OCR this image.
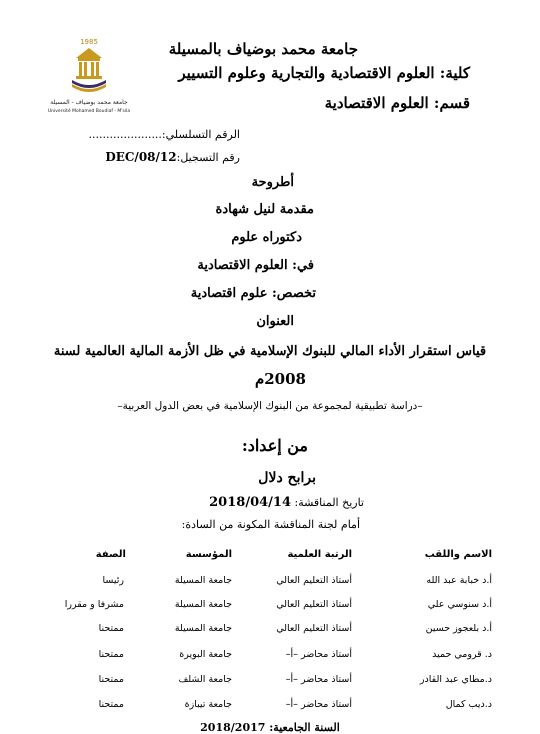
1985
جامعة محمد بوضياف - المسيلة
Université Mohamed Boudiaf - M'sila
جامعة محمد بوضياف بالمسيلة
كلية: العلوم الاقتصادية والتجارية وعلوم التسيير
قسم: العلوم الاقتصادية
الرقم التسلسلي:.....................
رقم التسجيل:DEC/08/12
أطروحة
مقدمة لنيل شهادة
دكتوراه علوم
في: العلوم الاقتصادية
تخصص: علوم اقتصادية
العنوان
قياس استقرار الأداء المالي للبنوك الإسلامية في ظل الأزمة المالية العالمية لسنة
2008م
–دراسة تطبيقية لمجموعة من البنوك الإسلامية في بعض الدول العربية–
من إعداد:
برابح دلال
تاريخ المناقشة: 2018/04/14
أمام لجنة المناقشة المكونة من السادة:
الاسم واللقب
الرتبة العلمية
المؤسسة
الصفة
أ.د خبابة عبد الله
أستاذ التعليم العالي
جامعة المسيلة
رئيسا
أ.د سنوسي علي
أستاذ التعليم العالي
جامعة المسيلة
مشرفا و مقررا
أ.د بلعجوز حسين
أستاذ التعليم العالي
جامعة المسيلة
ممتحنا
د. قرومي حميد
أستاذ محاضر –أ–
جامعة البويرة
ممتحنا
د.مطاي عبد القادر
أستاذ محاضر –أ–
جامعة الشلف
ممتحنا
د.ديب كمال
أستاذ محاضر –أ–
جامعة تيبازة
ممتحنا
السنة الجامعية: 2018/2017
